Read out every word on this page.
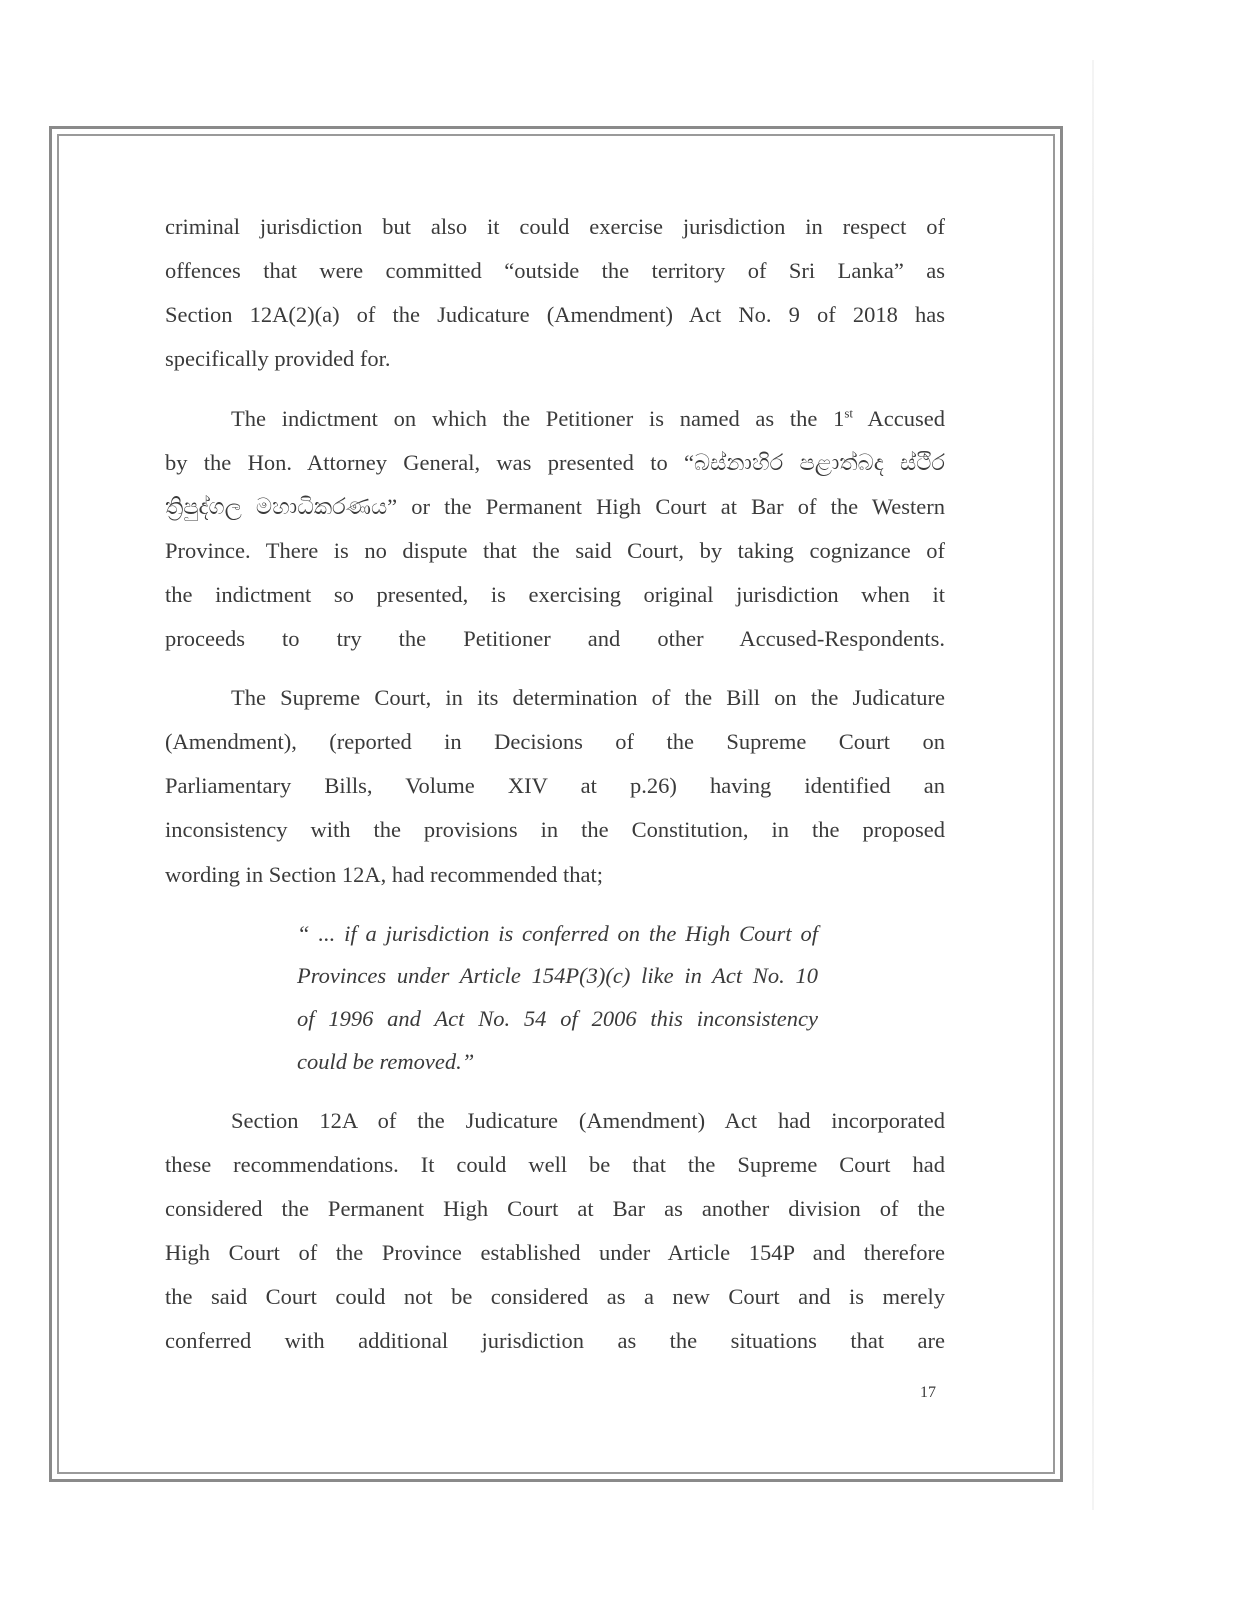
criminal jurisdiction but also it could exercise jurisdiction in respect of
offences that were committed “outside the territory of Sri Lanka” as
Section 12A(2)(a) of the Judicature (Amendment) Act No. 9 of 2018 has
specifically provided for.
The indictment on which the Petitioner is named as the 1st Accused
by the Hon. Attorney General, was presented to “බස්නාහිර පළාත්බද ස්ථිර
ත්‍රිපුද්ගල මහාධිකරණය” or the Permanent High Court at Bar of the Western
Province. There is no dispute that the said Court, by taking cognizance of
the indictment so presented, is exercising original jurisdiction when it
proceeds to try the Petitioner and other Accused-Respondents.
The Supreme Court, in its determination of the Bill on the Judicature
(Amendment), (reported in Decisions of the Supreme Court on
Parliamentary Bills, Volume XIV at p.26) having identified an
inconsistency with the provisions in the Constitution, in the proposed
wording in Section 12A, had recommended that;
Section 12A of the Judicature (Amendment) Act had incorporated
these recommendations. It could well be that the Supreme Court had
considered the Permanent High Court at Bar as another division of the
High Court of the Province established under Article 154P and therefore
the said Court could not be considered as a new Court and is merely
conferred with additional jurisdiction as the situations that are
“ ... if a jurisdiction is conferred on the High Court of
Provinces under Article 154P(3)(c) like in Act No. 10
of 1996 and Act No. 54 of 2006 this inconsistency
could be removed.”
17
